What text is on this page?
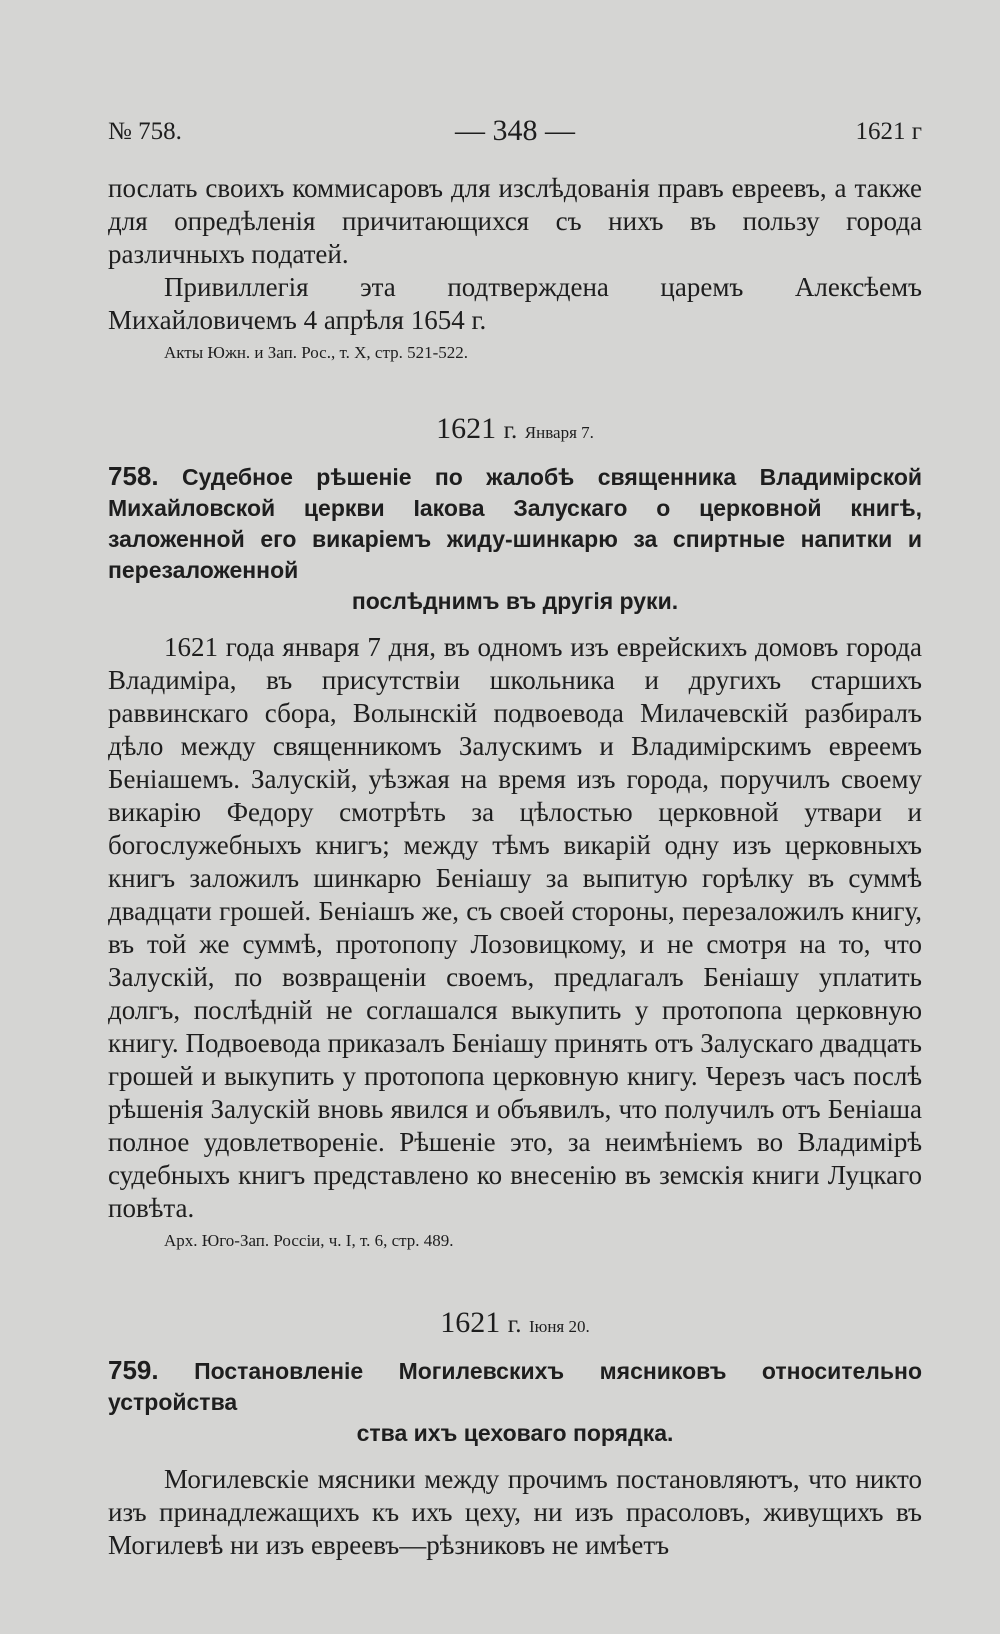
№ 758.	— 348 —	1621 г

послать своихъ коммисаровъ для изслѣдованія правъ евреевъ, а также для опредѣленія причитающихся съ нихъ въ пользу города различныхъ податей.

Привиллегія эта подтверждена царемъ Алексѣемъ Михайловичемъ 4 апрѣля 1654 г.

Акты Южн. и Зап. Рос., т. X, стр. 521-522.
1621 г. Января 7.
758. Судебное рѣшеніе по жалобѣ священника Владимірской Михайловской церкви Іакова Залускаго о церковной книгѣ, заложенной его викаріемъ жиду-шинкарю за спиртные напитки и перезаложенной
послѣднимъ въ другія руки.

1621 года января 7 дня, въ одномъ изъ еврейскихъ домовъ города Владиміра, въ присутствіи школьника и другихъ старшихъ раввинскаго сбора, Волынскій подвоевода Милачевскій разбиралъ дѣло между священникомъ Залускимъ и Владимірскимъ евреемъ Беніашемъ. Залускій, уѣзжая на время изъ города, поручилъ своему викарію Федору смотрѣть за цѣлостью церковной утвари и богослужебныхъ книгъ; между тѣмъ викарій одну изъ церковныхъ книгъ заложилъ шинкарю Беніашу за выпитую горѣлку въ суммѣ двадцати грошей. Беніашъ же, съ своей стороны, перезаложилъ книгу, въ той же суммѣ, протопопу Лозовицкому, и не смотря на то, что Залускій, по возвращеніи своемъ, предлагалъ Беніашу уплатить долгъ, послѣдній не соглашался выкупить у протопопа церковную книгу. Подвоевода приказалъ Беніашу принять отъ Залускаго двадцать грошей и выкупить у протопопа церковную книгу. Черезъ часъ послѣ рѣшенія Залускій вновь явился и объявилъ, что получилъ отъ Беніаша полное удовлетвореніе. Рѣшеніе это, за неимѣніемъ во Владимірѣ судебныхъ книгъ представлено ко внесенію въ земскія книги Луцкаго повѣта.

Арх. Юго-Зап. Россіи, ч. I, т. 6, стр. 489.
1621 г. Іюня 20.
759. Постановленіе Могилевскихъ мясниковъ относительно устройства
ства ихъ цеховаго порядка.

Могилевскіе мясники между прочимъ постановляютъ, что никто изъ принадлежащихъ къ ихъ цеху, ни изъ прасоловъ, живущихъ въ Могилевѣ ни изъ евреевъ—рѣзниковъ не имѣетъ
